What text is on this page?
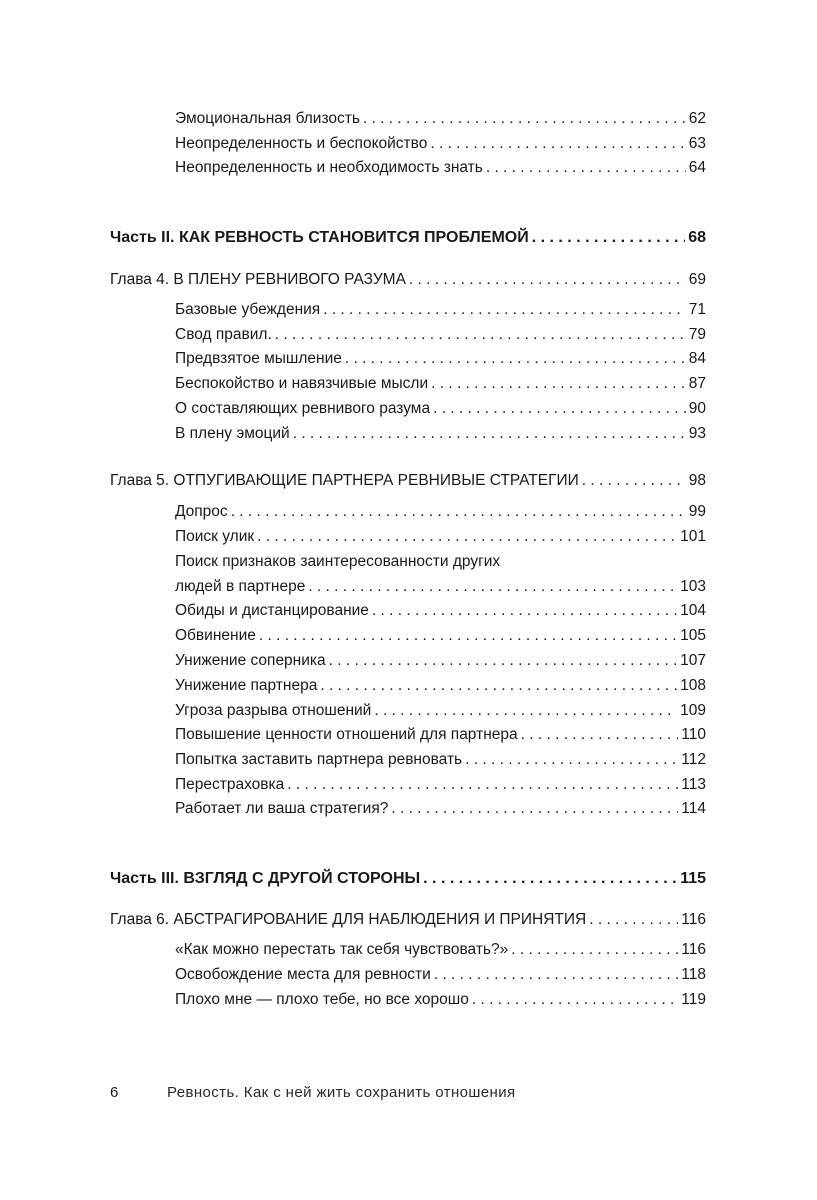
Эмоциональная близость . . .	62
Неопределенность и беспокойство . . .	63
Неопределенность и необходимость знать . . .	64
Часть II. КАК РЕВНОСТЬ СТАНОВИТСЯ ПРОБЛЕМОЙ . . .	68
Глава 4. В ПЛЕНУ РЕВНИВОГО РАЗУМА . . .	69
Базовые убеждения . . .	71
Свод правил. . . .	79
Предвзятое мышление . . .	84
Беспокойство и навязчивые мысли . . .	87
О составляющих ревнивого разума . . .	90
В плену эмоций . . .	93
Глава 5. ОТПУГИВАЮЩИЕ ПАРТНЕРА РЕВНИВЫЕ СТРАТЕГИИ . . .	98
Допрос . . .	99
Поиск улик . . .	101
Поиск признаков заинтересованности других
людей в партнере . . .	103
Обиды и дистанцирование . . .	104
Обвинение . . .	105
Унижение соперника . . .	107
Унижение партнера . . .	108
Угроза разрыва отношений . . .	109
Повышение ценности отношений для партнера . . .	110
Попытка заставить партнера ревновать . . .	112
Перестраховка . . .	113
Работает ли ваша стратегия? . . .	114
Часть III. ВЗГЛЯД С ДРУГОЙ СТОРОНЫ . . .	115
Глава 6. АБСТРАГИРОВАНИЕ ДЛЯ НАБЛЮДЕНИЯ И ПРИНЯТИЯ . . .	116
«Как можно перестать так себя чувствовать?» . . .	116
Освобождение места для ревности . . .	118
Плохо мне — плохо тебе, но все хорошо . . .	119
6	Ревность. Как с ней жить сохранить отношения
